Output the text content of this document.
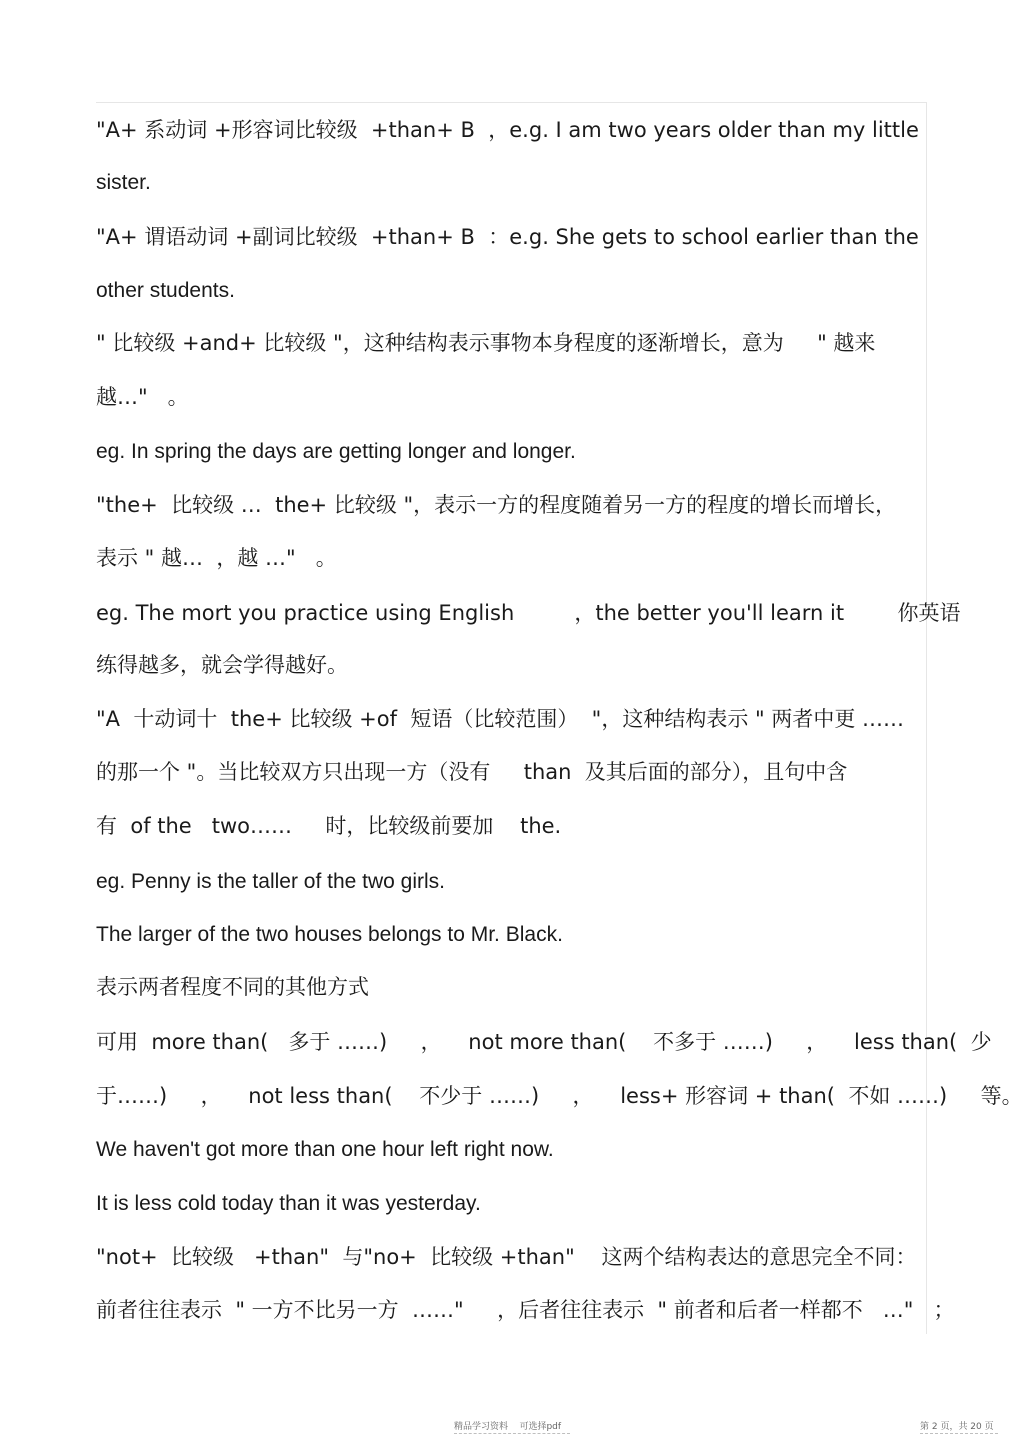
"A+ 系动词 +形容词比较级  +than+ B  ，e.g. I am two years older than my little
sister.
"A+ 谓语动词 +副词比较级  +than+ B  ：e.g. She gets to school earlier than the
other students.
" 比较级 +and+ 比较级 "，这种结构表示事物本身程度的逐渐增长，意为     " 越来
越…"   。
eg. In spring the days are getting longer and longer.
"the+  比较级 …  the+ 比较级 "，表示一方的程度随着另一方的程度的增长而增长，
表示 " 越…  ，越 …"   。
eg. The mort you practice using English         ，the better you'll learn it        你英语
练得越多，就会学得越好。
"A  十动词十  the+ 比较级 +of  短语（比较范围）  "，这种结构表示 " 两者中更 ……
的那一个 "。当比较双方只出现一方（没有     than  及其后面的部分），且句中含
有  of the   two……     时，比较级前要加    the.
eg. Penny is the taller of the two girls.
The larger of the two houses belongs to Mr. Black.
表示两者程度不同的其他方式
可用  more than(   多于 ……)     ，    not more than(    不多于 ……)     ，    less than(  少
于……)     ，    not less than(    不少于 ……)     ，    less+ 形容词 + than(  不如 ……)     等。
We haven't got more than one hour left right now.
It is less cold today than it was yesterday.
"not+  比较级   +than"  与"no+  比较级 +than"    这两个结构表达的意思完全不同：
前者往往表示  " 一方不比另一方  ……"     ，后者往往表示  " 前者和后者一样都不   …"   ；
精品学习资料    可选择pdf	第 2 页，共 20 页
